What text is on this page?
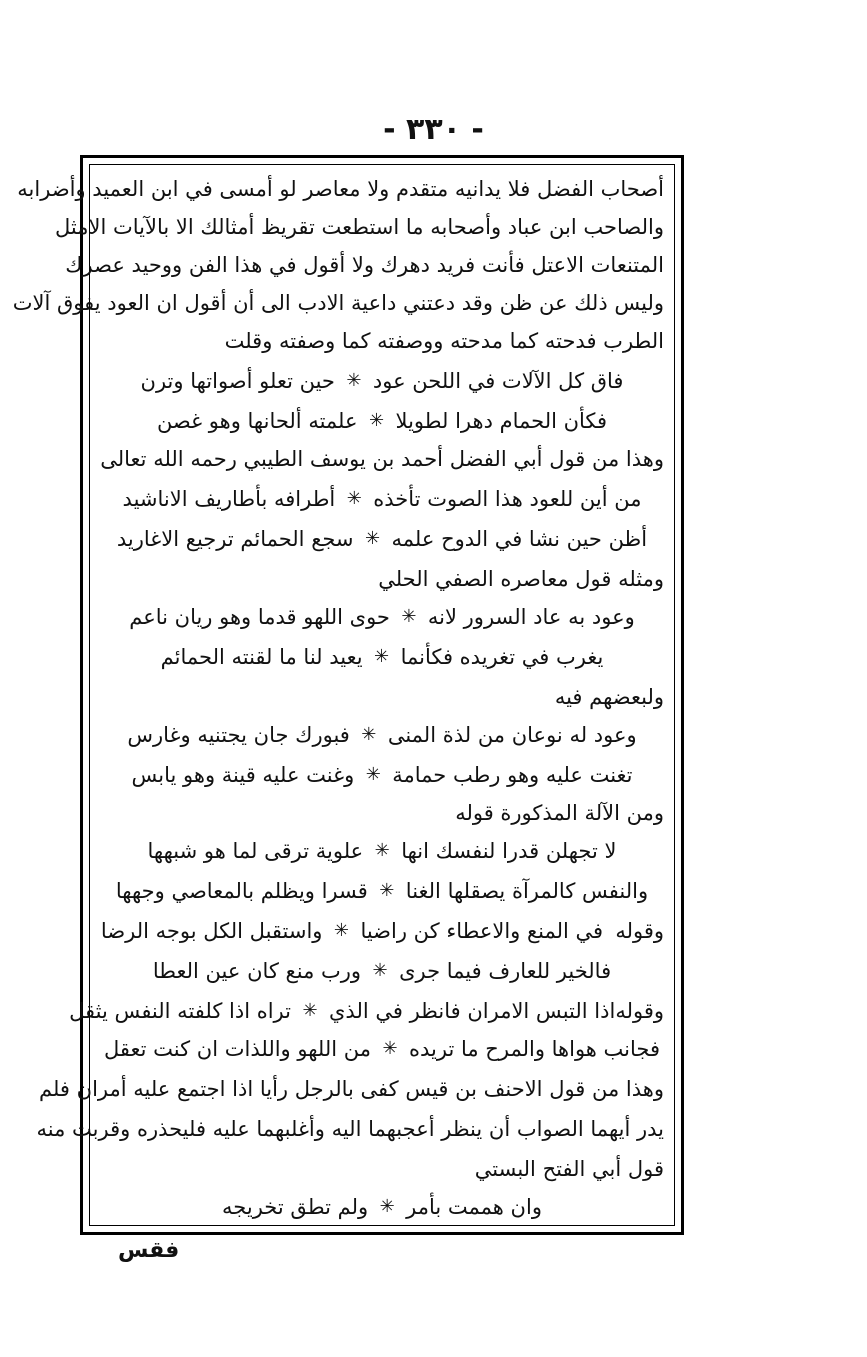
- ٣٣٠ -
أصحاب الفضل فلا يدانيه متقدم ولا معاصر لو أمسى في ابن العميد وأضرابه
والصاحب ابن عباد وأصحابه ما استطعت تقريظ أمثالك الا بالآيات الامثل
المتنعات الاعتل فأنت فريد دهرك ولا أقول في هذا الفن ووحيد عصرك
وليس ذلك عن ظن وقد دعتني داعية الادب الى أن أقول ان العود يفوق آلات
الطرب فدحته كما مدحته ووصفته كما وصفته وقلت
فاق كل الآلات في اللحن عود
✳
حين تعلو أصواتها وترن
فكأن الحمام دهرا لطويلا
✳
علمته ألحانها وهو غصن
وهذا من قول أبي الفضل أحمد بن يوسف الطيبي رحمه الله تعالى
من أين للعود هذا الصوت تأخذه
✳
أطرافه بأطاريف الاناشيد
أظن حين نشا في الدوح علمه
✳
سجع الحمائم ترجيع الاغاريد
ومثله قول معاصره الصفي الحلي
وعود به عاد السرور لانه
✳
حوى اللهو قدما وهو ريان ناعم
يغرب في تغريده فكأنما
✳
يعيد لنا ما لقنته الحمائم
ولبعضهم فيه
وعود له نوعان من لذة المنى
✳
فبورك جان يجتنيه وغارس
تغنت عليه وهو رطب حمامة
✳
وغنت عليه قينة وهو يابس
ومن الآلة المذكورة قوله
لا تجهلن قدرا لنفسك انها
✳
علوية ترقى لما هو شبهها
والنفس كالمرآة يصقلها الغنا
✳
قسرا ويظلم بالمعاصي وجهها
وقوله
في المنع والاعطاء كن راضيا
✳
واستقبل الكل بوجه الرضا
فالخير للعارف فيما جرى
✳
ورب منع كان عين العطا
وقوله
اذا التبس الامران فانظر في الذي
✳
تراه اذا كلفته النفس يثقل
فجانب هواها والمرح ما تريده
✳
من اللهو واللذات ان كنت تعقل
وهذا من قول الاحنف بن قيس كفى بالرجل رأيا اذا اجتمع عليه أمران فلم
يدر أيهما الصواب أن ينظر أعجبهما اليه وأغلبهما عليه فليحذره وقربت منه
قول أبي الفتح البستي
وان هممت بأمر
✳
ولم تطق تخريجه
فقس
